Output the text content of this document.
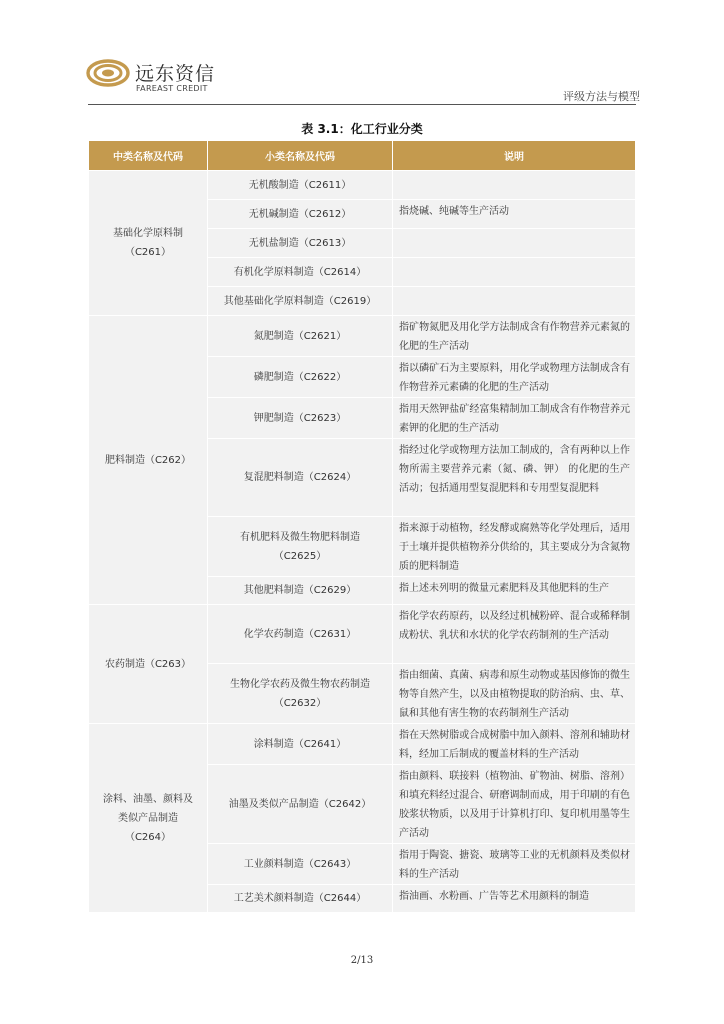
远东资信
FAREAST CREDIT
评级方法与模型
表 3.1：化工行业分类
中类名称及代码	小类名称及代码	说明
基础化学原料制
（C261）	无机酸制造（C2611）	

	无机碱制造（C2612）	指烧碱、纯碱等生产活动

	无机盐制造（C2613）	

	有机化学原料制造（C2614）	

	其他基础化学原料制造（C2619）	

肥料制造（C262）	氮肥制造（C2621）	指矿物氮肥及用化学方法制成含有作物营养元素氮的化肥的生产活动

	磷肥制造（C2622）	指以磷矿石为主要原料，用化学或物理方法制成含有作物营养元素磷的化肥的生产活动

	钾肥制造（C2623）	指用天然钾盐矿经富集精制加工制成含有作物营养元素钾的化肥的生产活动

	复混肥料制造（C2624）	指经过化学或物理方法加工制成的，含有两种以上作物所需主要营养元素（氮、磷、钾） 的化肥的生产活动；包括通用型复混肥料和专用型复混肥料

	有机肥料及微生物肥料制造
（C2625）	指来源于动植物，经发酵或腐熟等化学处理后，适用于土壤并提供植物养分供给的，其主要成分为含氮物质的肥料制造

	其他肥料制造（C2629）	指上述未列明的微量元素肥料及其他肥料的生产

农药制造（C263）	化学农药制造（C2631）	指化学农药原药，以及经过机械粉碎、混合或稀释制成粉状、乳状和水状的化学农药制剂的生产活动

	生物化学农药及微生物农药制造
（C2632）	指由细菌、真菌、病毒和原生动物或基因修饰的微生物等自然产生，以及由植物提取的防治病、虫、草、鼠和其他有害生物的农药制剂生产活动

涂料、油墨、颜料及
类似产品制造
（C264）	涂料制造（C2641）	指在天然树脂或合成树脂中加入颜料、溶剂和辅助材料，经加工后制成的覆盖材料的生产活动

	油墨及类似产品制造（C2642）	指由颜料、联接料（植物油、矿物油、树脂、溶剂）和填充料经过混合、研磨调制而成，用于印刷的有色胶浆状物质，以及用于计算机打印、复印机用墨等生产活动

	工业颜料制造（C2643）	指用于陶瓷、搪瓷、玻璃等工业的无机颜料及类似材料的生产活动

	工艺美术颜料制造（C2644）	指油画、水粉画、广告等艺术用颜料的制造
2/13
